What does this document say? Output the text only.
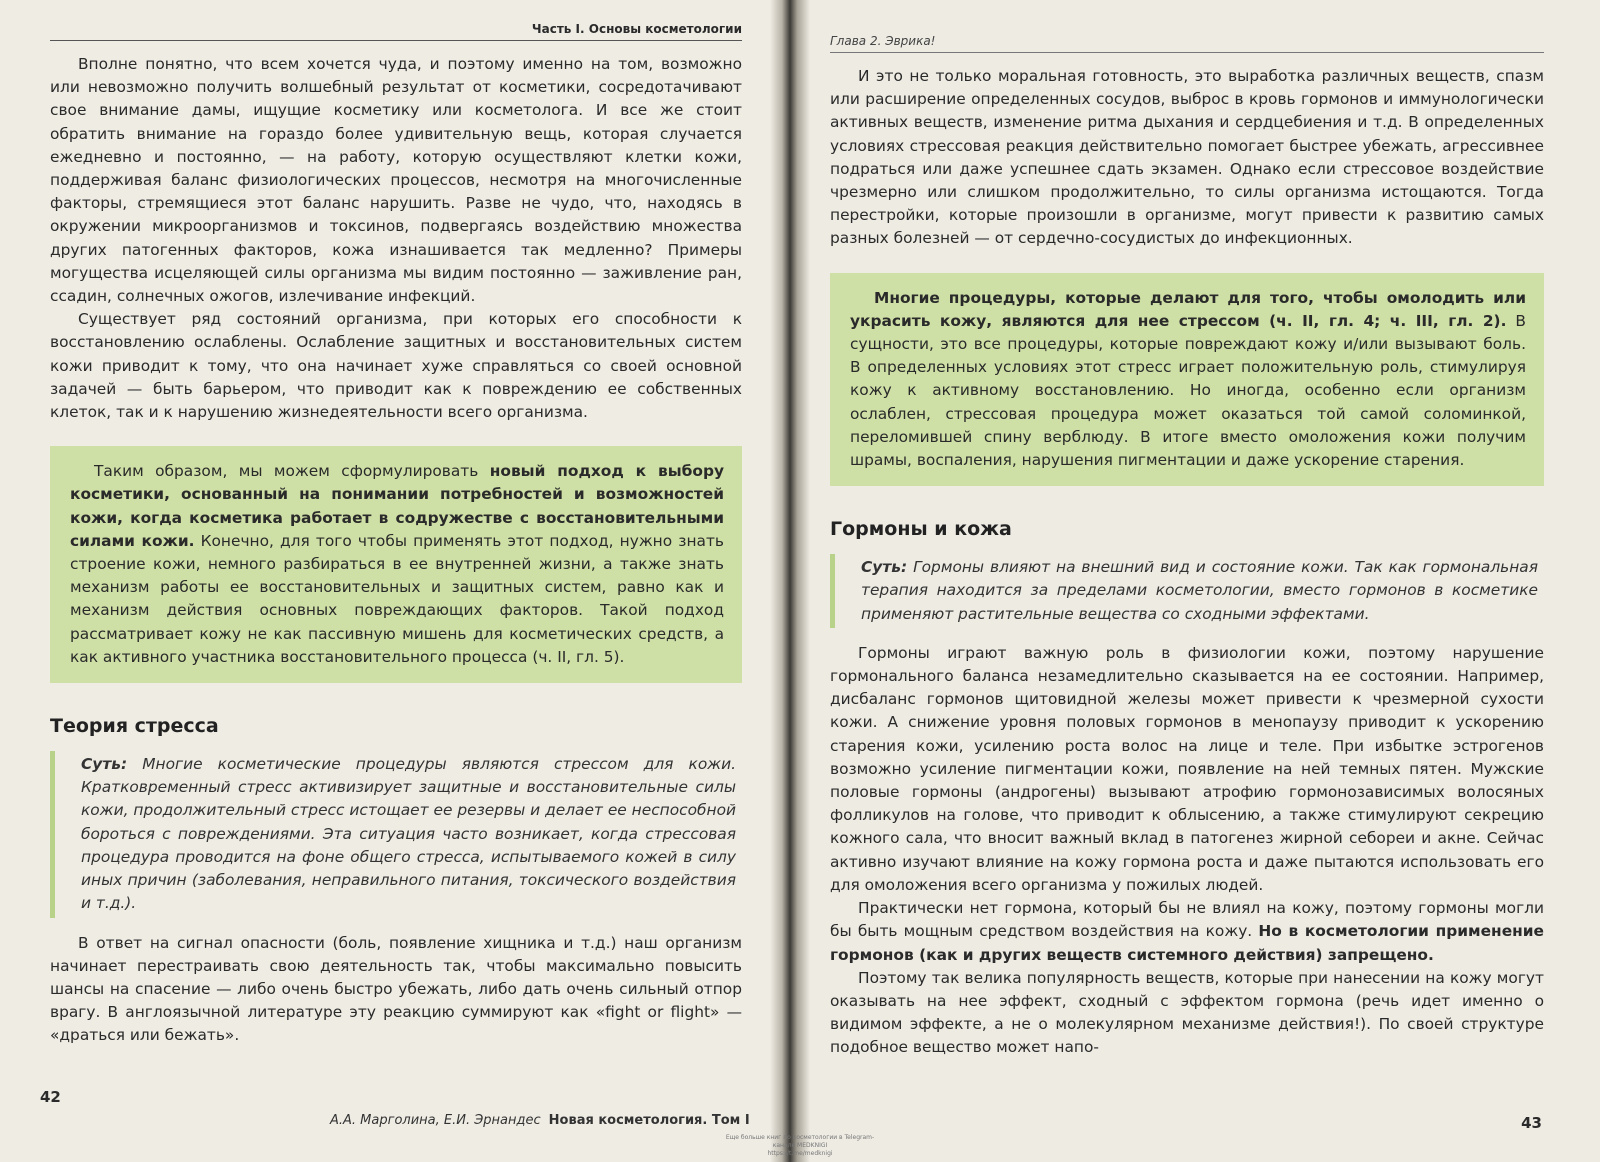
Часть I. Основы косметологии

Вполне понятно, что всем хочется чуда, и поэтому именно на том, возможно или невозможно получить волшебный результат от косметики, сосредотачивают свое внимание дамы, ищущие косметику или косметолога. И все же стоит обратить внимание на гораздо более удивительную вещь, которая случается ежедневно и постоянно, — на работу, которую осуществляют клетки кожи, поддерживая баланс физиологических процессов, несмотря на многочисленные факторы, стремящиеся этот баланс нарушить. Разве не чудо, что, находясь в окружении микроорганизмов и токсинов, подвергаясь воздействию множества других патогенных факторов, кожа изнашивается так медленно? Примеры могущества исцеляющей силы организма мы видим постоянно — заживление ран, ссадин, солнечных ожогов, излечивание инфекций.

Существует ряд состояний организма, при которых его способности к восстановлению ослаблены. Ослабление защитных и восстановительных систем кожи приводит к тому, что она начинает хуже справляться со своей основной задачей — быть барьером, что приводит как к повреждению ее собственных клеток, так и к нарушению жизнедеятельности всего организма.

Таким образом, мы можем сформулировать новый подход к выбору косметики, основанный на понимании потребностей и возможностей кожи, когда косметика работает в содружестве с восстановительными силами кожи. Конечно, для того чтобы применять этот подход, нужно знать строение кожи, немного разбираться в ее внутренней жизни, а также знать механизм работы ее восстановительных и защитных систем, равно как и механизм действия основных повреждающих факторов. Такой подход рассматривает кожу не как пассивную мишень для косметических средств, а как активного участника восстановительного процесса (ч. II, гл. 5).

Теория стресса
Суть: Многие косметические процедуры являются стрессом для кожи. Кратковременный стресс активизирует защитные и восстановительные силы кожи, продолжительный стресс истощает ее резервы и делает ее неспособной бороться с повреждениями. Эта ситуация часто возникает, когда стрессовая процедура проводится на фоне общего стресса, испытываемого кожей в силу иных причин (заболевания, неправильного питания, токсического воздействия и т.д.).

В ответ на сигнал опасности (боль, появление хищника и т.д.) наш организм начинает перестраивать свою деятельность так, чтобы максимально повысить шансы на спасение — либо очень быстро убежать, либо дать очень сильный отпор врагу. В англоязычной литературе эту реакцию суммируют как «fight or flight» — «драться или бежать».

42
А.А. Марголина, Е.И. Эрнандес Новая косметология. Том I
Глава 2. Эврика!

И это не только моральная готовность, это выработка различных веществ, спазм или расширение определенных сосудов, выброс в кровь гормонов и иммунологически активных веществ, изменение ритма дыхания и сердцебиения и т.д. В определенных условиях стрессовая реакция действительно помогает быстрее убежать, агрессивнее подраться или даже успешнее сдать экзамен. Однако если стрессовое воздействие чрезмерно или слишком продолжительно, то силы организма истощаются. Тогда перестройки, которые произошли в организме, могут привести к развитию самых разных болезней — от сердечно-сосудистых до инфекционных.

Многие процедуры, которые делают для того, чтобы омолодить или украсить кожу, являются для нее стрессом (ч. II, гл. 4; ч. III, гл. 2). В сущности, это все процедуры, которые повреждают кожу и/или вызывают боль. В определенных условиях этот стресс играет положительную роль, стимулируя кожу к активному восстановлению. Но иногда, особенно если организм ослаблен, стрессовая процедура может оказаться той самой соломинкой, переломившей спину верблюду. В итоге вместо омоложения кожи получим шрамы, воспаления, нарушения пигментации и даже ускорение старения.

Гормоны и кожа
Суть: Гормоны влияют на внешний вид и состояние кожи. Так как гормональная терапия находится за пределами косметологии, вместо гормонов в косметике применяют растительные вещества со сходными эффектами.

Гормоны играют важную роль в физиологии кожи, поэтому нарушение гормонального баланса незамедлительно сказывается на ее состоянии. Например, дисбаланс гормонов щитовидной железы может привести к чрезмерной сухости кожи. А снижение уровня половых гормонов в менопаузу приводит к ускорению старения кожи, усилению роста волос на лице и теле. При избытке эстрогенов возможно усиление пигментации кожи, появление на ней темных пятен. Мужские половые гормоны (андрогены) вызывают атрофию гормонозависимых волосяных фолликулов на голове, что приводит к облысению, а также стимулируют секрецию кожного сала, что вносит важный вклад в патогенез жирной себореи и акне. Сейчас активно изучают влияние на кожу гормона роста и даже пытаются использовать его для омоложения всего организма у пожилых людей.

Практически нет гормона, который бы не влиял на кожу, поэтому гормоны могли бы быть мощным средством воздействия на кожу. Но в косметологии применение гормонов (как и других веществ системного действия) запрещено.

Поэтому так велика популярность веществ, которые при нанесении на кожу могут оказывать на нее эффект, сходный с эффектом гормона (речь идет именно о видимом эффекте, а не о молекулярном механизме действия!). По своей структуре подобное вещество может напо-

43
Еще больше книг по косметологии в Telegram-канале MEDKNIGI
https://t.me/medknigi
